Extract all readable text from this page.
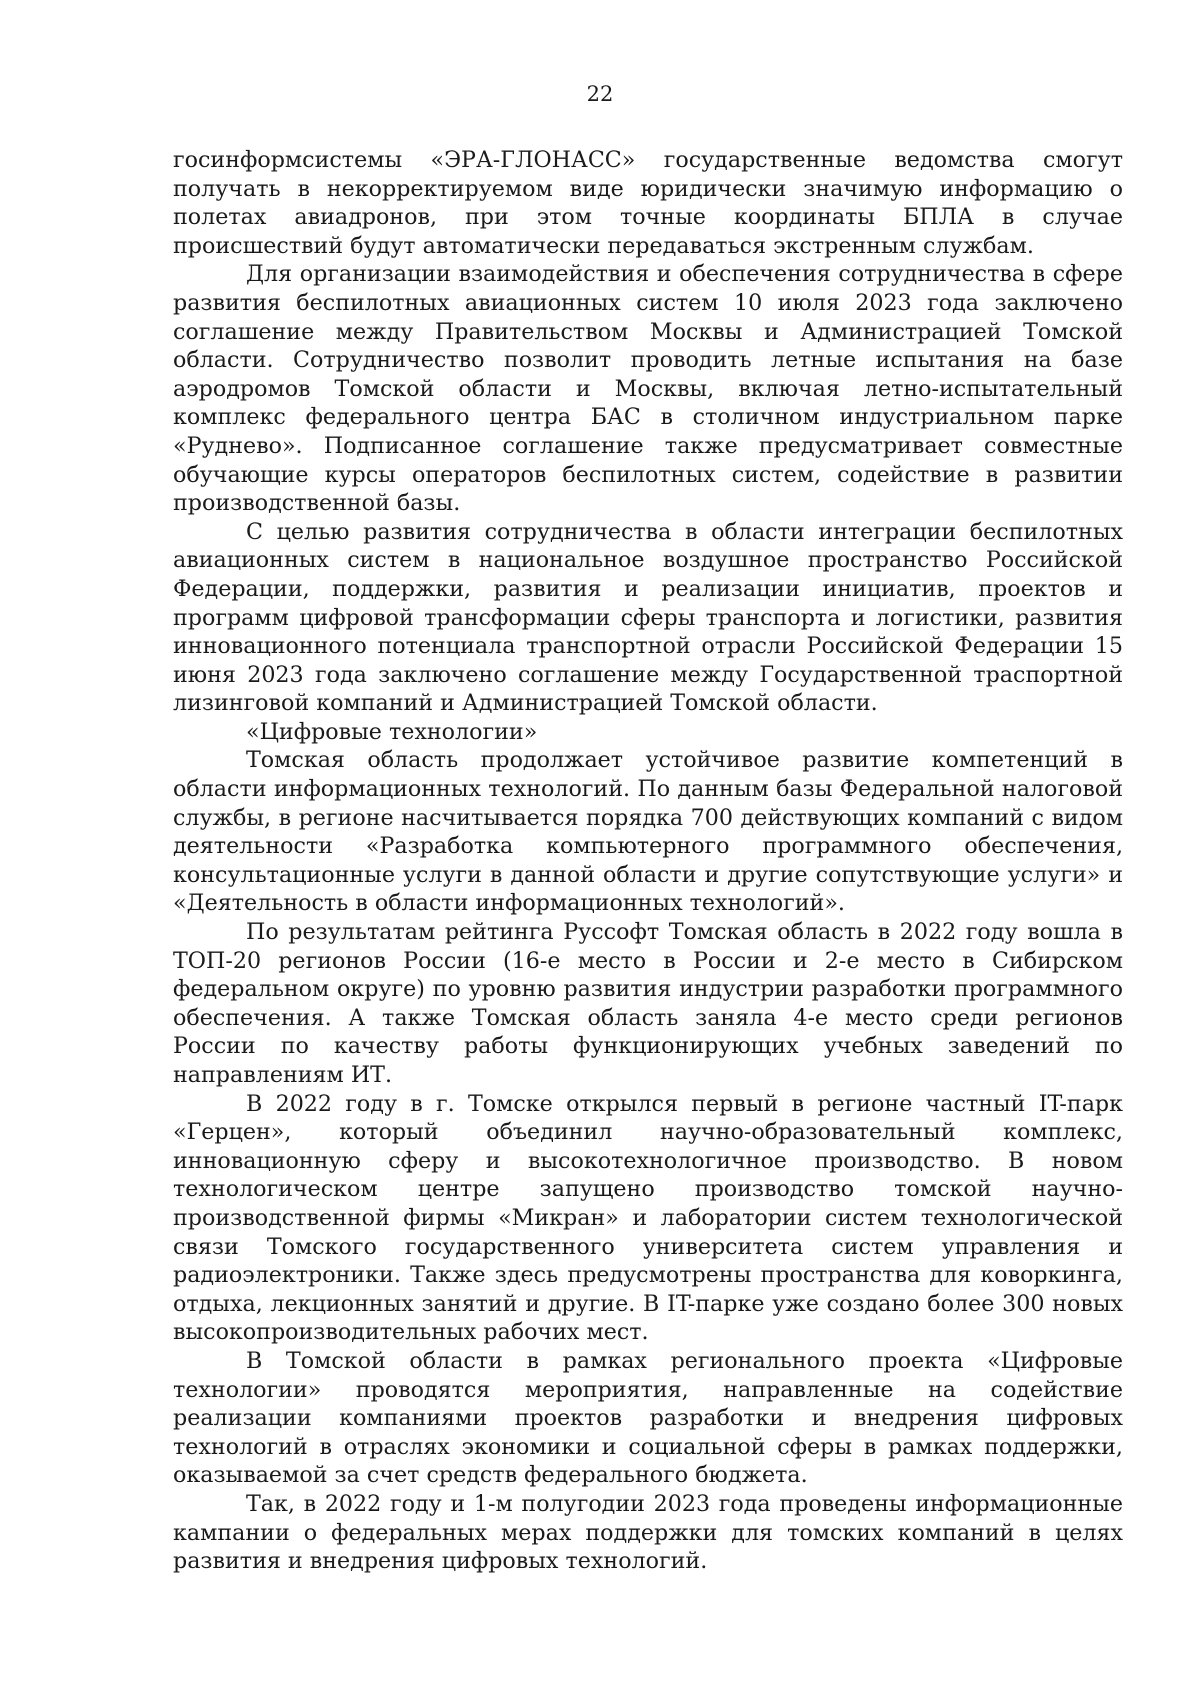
22

госинформсистемы «ЭРА-ГЛОНАСС» государственные ведомства смогут получать в некорректируемом виде юридически значимую информацию о полетах авиадронов, при этом точные координаты БПЛА в случае происшествий будут автоматически передаваться экстренным службам.

Для организации взаимодействия и обеспечения сотрудничества в сфере развития беспилотных авиационных систем 10 июля 2023 года заключено соглашение между Правительством Москвы и Администрацией Томской области. Сотрудничество позволит проводить летные испытания на базе аэродромов Томской области и Москвы, включая летно-испытательный комплекс федерального центра БАС в столичном индустриальном парке «Руднево». Подписанное соглашение также предусматривает совместные обучающие курсы операторов беспилотных систем, содействие в развитии производственной базы.

С целью развития сотрудничества в области интеграции беспилотных авиационных систем в национальное воздушное пространство Российской Федерации, поддержки, развития и реализации инициатив, проектов и программ цифровой трансформации сферы транспорта и логистики, развития инновационного потенциала транспортной отрасли Российской Федерации 15 июня 2023 года заключено соглашение между Государственной траспортной лизинговой компаний и Администрацией Томской области.

«Цифровые технологии»

Томская область продолжает устойчивое развитие компетенций в области информационных технологий. По данным базы Федеральной налоговой службы, в регионе насчитывается порядка 700 действующих компаний с видом деятельности «Разработка компьютерного программного обеспечения, консультационные услуги в данной области и другие сопутствующие услуги» и «Деятельность в области информационных технологий».

По результатам рейтинга Руссофт Томская область в 2022 году вошла в ТОП-20 регионов России (16-е место в России и 2-е место в Сибирском федеральном округе) по уровню развития индустрии разработки программного обеспечения. А также Томская область заняла 4-е место среди регионов России по качеству работы функционирующих учебных заведений по направлениям ИТ.

В 2022 году в г. Томске открылся первый в регионе частный IT-парк «Герцен», который объединил научно-образовательный комплекс, инновационную сферу и высокотехнологичное производство. В новом технологическом центре запущено производство томской научно-производственной фирмы «Микран» и лаборатории систем технологической связи Томского государственного университета систем управления и радиоэлектроники. Также здесь предусмотрены пространства для коворкинга, отдыха, лекционных занятий и другие. В IT-парке уже создано более 300 новых высокопроизводительных рабочих мест.

В Томской области в рамках регионального проекта «Цифровые технологии» проводятся мероприятия, направленные на содействие реализации компаниями проектов разработки и внедрения цифровых технологий в отраслях экономики и социальной сферы в рамках поддержки, оказываемой за счет средств федерального бюджета.

Так, в 2022 году и 1-м полугодии 2023 года проведены информационные кампании о федеральных мерах поддержки для томских компаний в целях развития и внедрения цифровых технологий.
